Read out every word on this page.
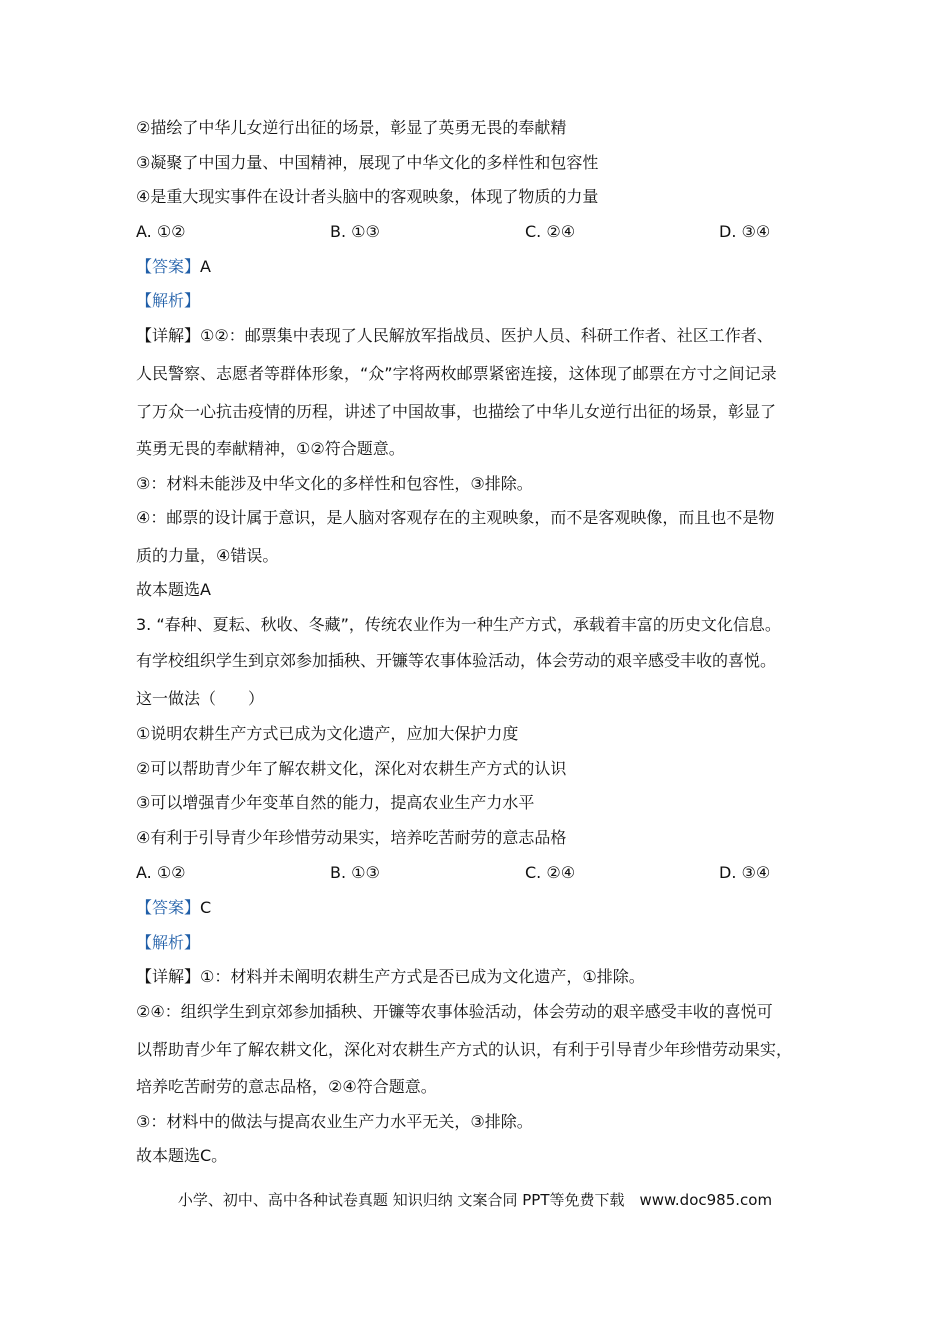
②描绘了中华儿女逆行出征的场景，彰显了英勇无畏的奉献精
③凝聚了中国力量、中国精神，展现了中华文化的多样性和包容性
④是重大现实事件在设计者头脑中的客观映象，体现了物质的力量
A. ①②	B. ①③	C. ②④	D. ③④
【答案】A
【解析】
【详解】①②：邮票集中表现了人民解放军指战员、医护人员、科研工作者、社区工作者、
人民警察、志愿者等群体形象，“众”字将两枚邮票紧密连接，这体现了邮票在方寸之间记录
了万众一心抗击疫情的历程，讲述了中国故事，也描绘了中华儿女逆行出征的场景，彰显了
英勇无畏的奉献精神，①②符合题意。
③：材料未能涉及中华文化的多样性和包容性，③排除。
④：邮票的设计属于意识，是人脑对客观存在的主观映象，而不是客观映像，而且也不是物
质的力量，④错误。
故本题选A
3. “春种、夏耘、秋收、冬藏”，传统农业作为一种生产方式，承载着丰富的历史文化信息。
有学校组织学生到京郊参加插秧、开镰等农事体验活动，体会劳动的艰辛感受丰收的喜悦。
这一做法（　　）
①说明农耕生产方式已成为文化遗产，应加大保护力度
②可以帮助青少年了解农耕文化，深化对农耕生产方式的认识
③可以增强青少年变革自然的能力，提高农业生产力水平
④有利于引导青少年珍惜劳动果实，培养吃苦耐劳的意志品格
A. ①②	B. ①③	C. ②④	D. ③④
【答案】C
【解析】
【详解】①：材料并未阐明农耕生产方式是否已成为文化遗产，①排除。
②④：组织学生到京郊参加插秧、开镰等农事体验活动，体会劳动的艰辛感受丰收的喜悦可
以帮助青少年了解农耕文化，深化对农耕生产方式的认识，有利于引导青少年珍惜劳动果实，
培养吃苦耐劳的意志品格，②④符合题意。
③：材料中的做法与提高农业生产力水平无关，③排除。
故本题选C。
小学、初中、高中各种试卷真题 知识归纳 文案合同 PPT等免费下载　www.doc985.com
